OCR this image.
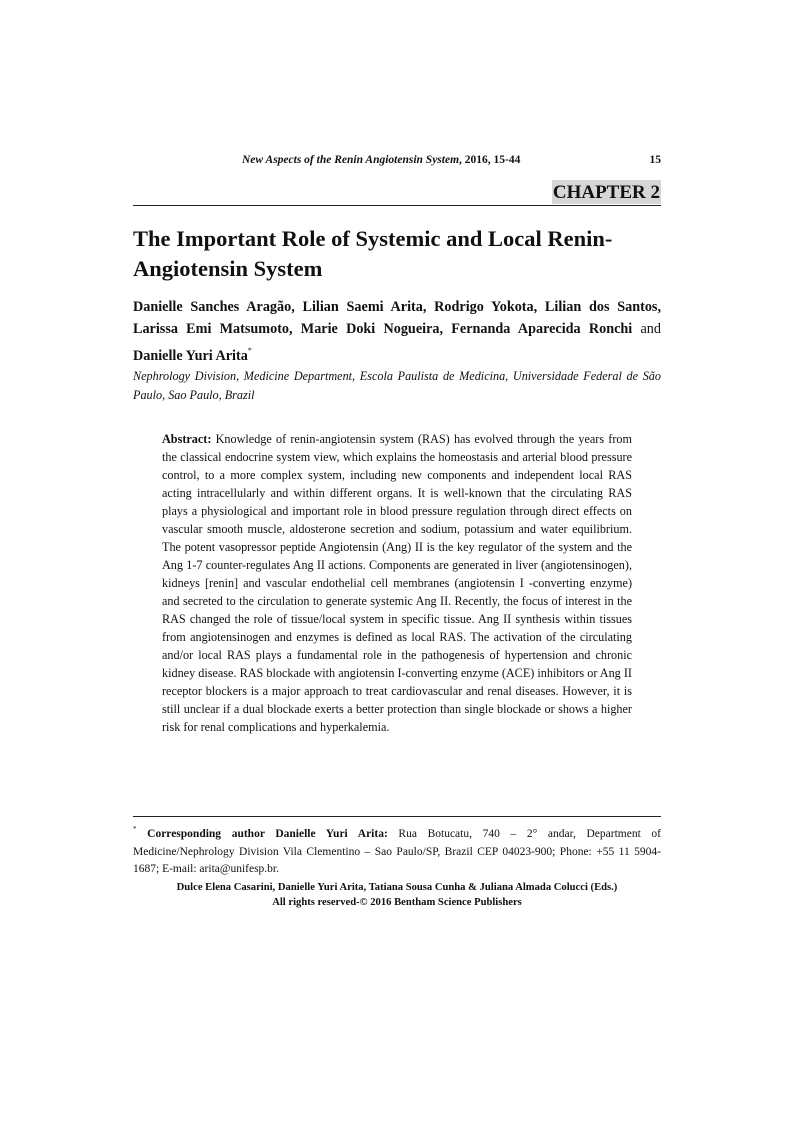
New Aspects of the Renin Angiotensin System, 2016, 15-44	15
CHAPTER 2
The Important Role of Systemic and Local Renin-Angiotensin System

Danielle Sanches Aragão, Lilian Saemi Arita, Rodrigo Yokota, Lilian dos Santos, Larissa Emi Matsumoto, Marie Doki Nogueira, Fernanda Aparecida Ronchi and Danielle Yuri Arita*

Nephrology Division, Medicine Department, Escola Paulista de Medicina, Universidade Federal de São Paulo, Sao Paulo, Brazil

Abstract: Knowledge of renin-angiotensin system (RAS) has evolved through the years from the classical endocrine system view, which explains the homeostasis and arterial blood pressure control, to a more complex system, including new components and independent local RAS acting intracellularly and within different organs. It is well-known that the circulating RAS plays a physiological and important role in blood pressure regulation through direct effects on vascular smooth muscle, aldosterone secretion and sodium, potassium and water equilibrium. The potent vasopressor peptide Angiotensin (Ang) II is the key regulator of the system and the Ang 1-7 counter-regulates Ang II actions. Components are generated in liver (angiotensinogen), kidneys [renin] and vascular endothelial cell membranes (angiotensin I -converting enzyme) and secreted to the circulation to generate systemic Ang II. Recently, the focus of interest in the RAS changed the role of tissue/local system in specific tissue. Ang II synthesis within tissues from angiotensinogen and enzymes is defined as local RAS. The activation of the circulating and/or local RAS plays a fundamental role in the pathogenesis of hypertension and chronic kidney disease. RAS blockade with angiotensin I-converting enzyme (ACE) inhibitors or Ang II receptor blockers is a major approach to treat cardiovascular and renal diseases. However, it is still unclear if a dual blockade exerts a better protection than single blockade or shows a higher risk for renal complications and hyperkalemia.

* Corresponding author Danielle Yuri Arita: Rua Botucatu, 740 – 2° andar, Department of Medicine/Nephrology Division Vila Clementino – Sao Paulo/SP, Brazil CEP 04023-900; Phone: +55 11 5904-1687; E-mail: arita@unifesp.br.

Dulce Elena Casarini, Danielle Yuri Arita, Tatiana Sousa Cunha & Juliana Almada Colucci (Eds.)
All rights reserved-© 2016 Bentham Science Publishers
